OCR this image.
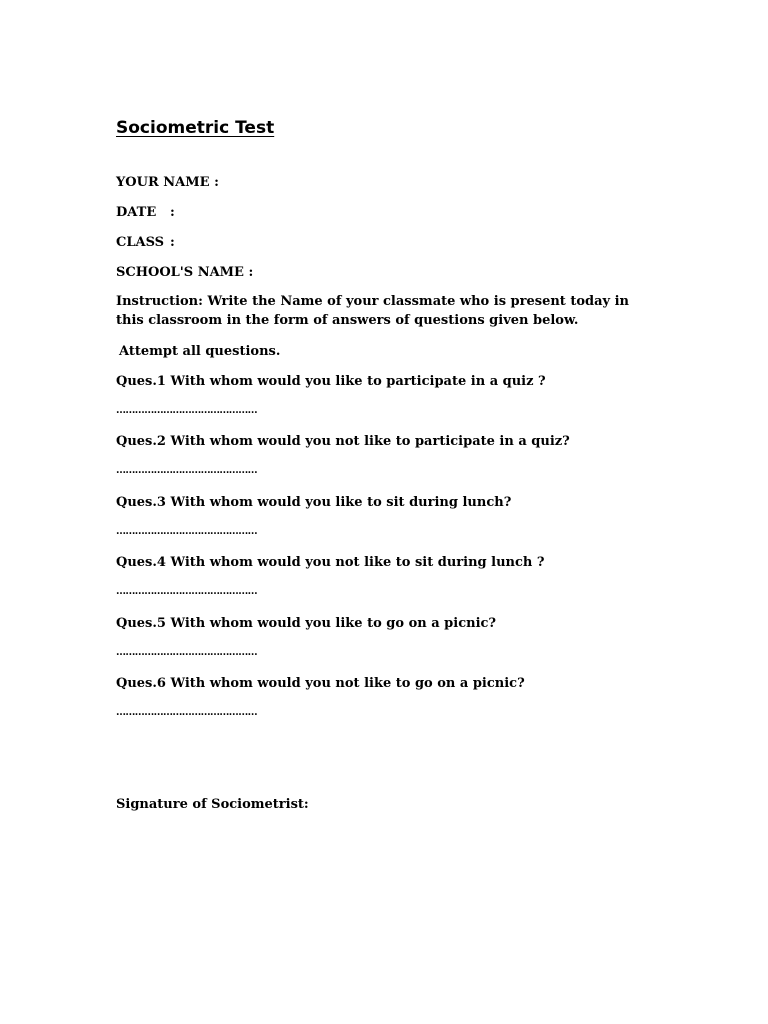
Sociometric Test
YOUR NAME :
DATE :
CLASS :
SCHOOL'S NAME :
Instruction: Write the Name of your classmate who is present today in this classroom in the form of answers of questions given below.
Attempt all questions.
Ques.1 With whom would you like to participate in a quiz ?
………………………………………
Ques.2 With whom would you not like to participate in a quiz?
………………………………………
Ques.3 With whom would you like to sit during lunch?
………………………………………
Ques.4 With whom would you not like to sit during lunch ?
………………………………………
Ques.5 With whom would you like to go on a picnic?
………………………………………
Ques.6 With whom would you not like to go on a picnic?
………………………………………
Signature of Sociometrist:
